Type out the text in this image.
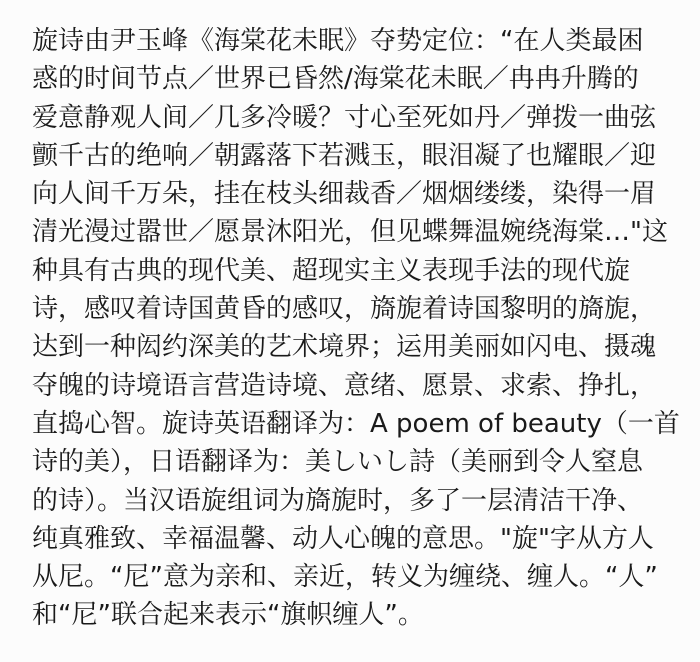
旋诗由尹玉峰《海棠花未眠》夺势定位：“在人类最困
惑的时间节点／世界已昏然/海棠花未眠／冉冉升腾的
爱意静观人间／几多冷暖？寸心至死如丹／弹拨一曲弦
颤千古的绝响／朝露落下若溅玉，眼泪凝了也耀眼／迎
向人间千万朵，挂在枝头细裁香／烟烟缕缕，染得一眉
清光漫过嚣世／愿景沐阳光，但见蝶舞温婉绕海棠…"这
种具有古典的现代美、超现实主义表现手法的现代旋
诗，感叹着诗国黄昏的感叹，旖旎着诗国黎明的旖旎，
达到一种闳约深美的艺术境界；运用美丽如闪电、摄魂
夺魄的诗境语言营造诗境、意绪、愿景、求索、挣扎，
直捣心智。旋诗英语翻译为：A poem of beauty（一首
诗的美），日语翻译为：美しいし詩（美丽到令人窒息
的诗）。当汉语旋组词为旖旎时，多了一层清洁干净、
纯真雅致、幸福温馨、动人心魄的意思。"旋"字从方人
从尼。“尼”意为亲和、亲近，转义为缠绕、缠人。“人”
和“尼”联合起来表示“旗帜缠人”。
